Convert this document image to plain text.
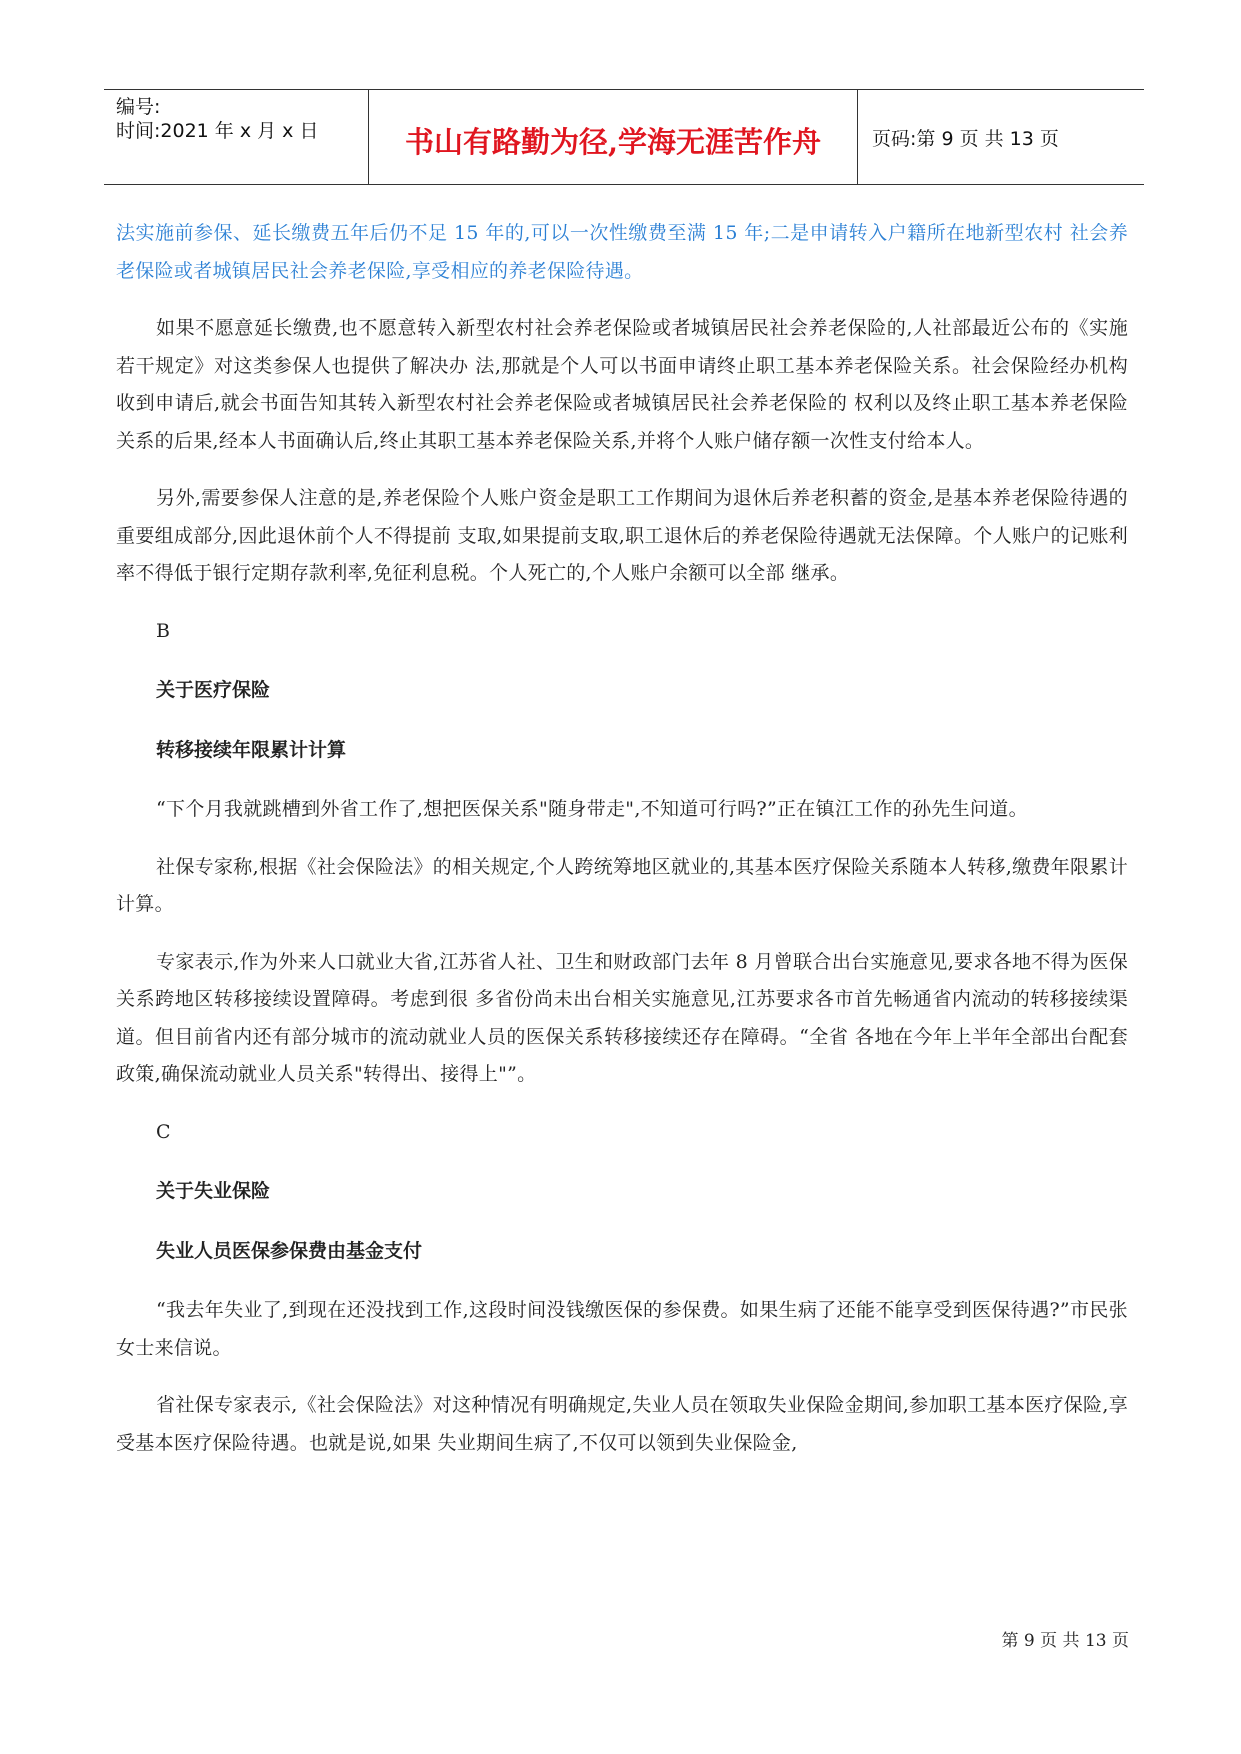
编号:
时间:2021 年 x 月 x 日	书山有路勤为径,学海无涯苦作舟	页码:第 9 页 共 13 页

法实施前参保、延长缴费五年后仍不足 15 年的,可以一次性缴费至满 15 年;二是申请转入户籍所在地新型农村 社会养老保险或者城镇居民社会养老保险,享受相应的养老保险待遇。

如果不愿意延长缴费,也不愿意转入新型农村社会养老保险或者城镇居民社会养老保险的,人社部最近公布的《实施若干规定》对这类参保人也提供了解决办 法,那就是个人可以书面申请终止职工基本养老保险关系。社会保险经办机构收到申请后,就会书面告知其转入新型农村社会养老保险或者城镇居民社会养老保险的 权利以及终止职工基本养老保险关系的后果,经本人书面确认后,终止其职工基本养老保险关系,并将个人账户储存额一次性支付给本人。

另外,需要参保人注意的是,养老保险个人账户资金是职工工作期间为退休后养老积蓄的资金,是基本养老保险待遇的重要组成部分,因此退休前个人不得提前 支取,如果提前支取,职工退休后的养老保险待遇就无法保障。个人账户的记账利率不得低于银行定期存款利率,免征利息税。个人死亡的,个人账户余额可以全部 继承。

B
关于医疗保险
转移接续年限累计计算

“下个月我就跳槽到外省工作了,想把医保关系"随身带走",不知道可行吗?”正在镇江工作的孙先生问道。

社保专家称,根据《社会保险法》的相关规定,个人跨统筹地区就业的,其基本医疗保险关系随本人转移,缴费年限累计计算。

专家表示,作为外来人口就业大省,江苏省人社、卫生和财政部门去年 8 月曾联合出台实施意见,要求各地不得为医保关系跨地区转移接续设置障碍。考虑到很 多省份尚未出台相关实施意见,江苏要求各市首先畅通省内流动的转移接续渠道。但目前省内还有部分城市的流动就业人员的医保关系转移接续还存在障碍。“全省 各地在今年上半年全部出台配套政策,确保流动就业人员关系"转得出、接得上"”。

C
关于失业保险
失业人员医保参保费由基金支付

“我去年失业了,到现在还没找到工作,这段时间没钱缴医保的参保费。如果生病了还能不能享受到医保待遇?”市民张女士来信说。

省社保专家表示,《社会保险法》对这种情况有明确规定,失业人员在领取失业保险金期间,参加职工基本医疗保险,享受基本医疗保险待遇。也就是说,如果 失业期间生病了,不仅可以领到失业保险金,

第 9 页 共 13 页
